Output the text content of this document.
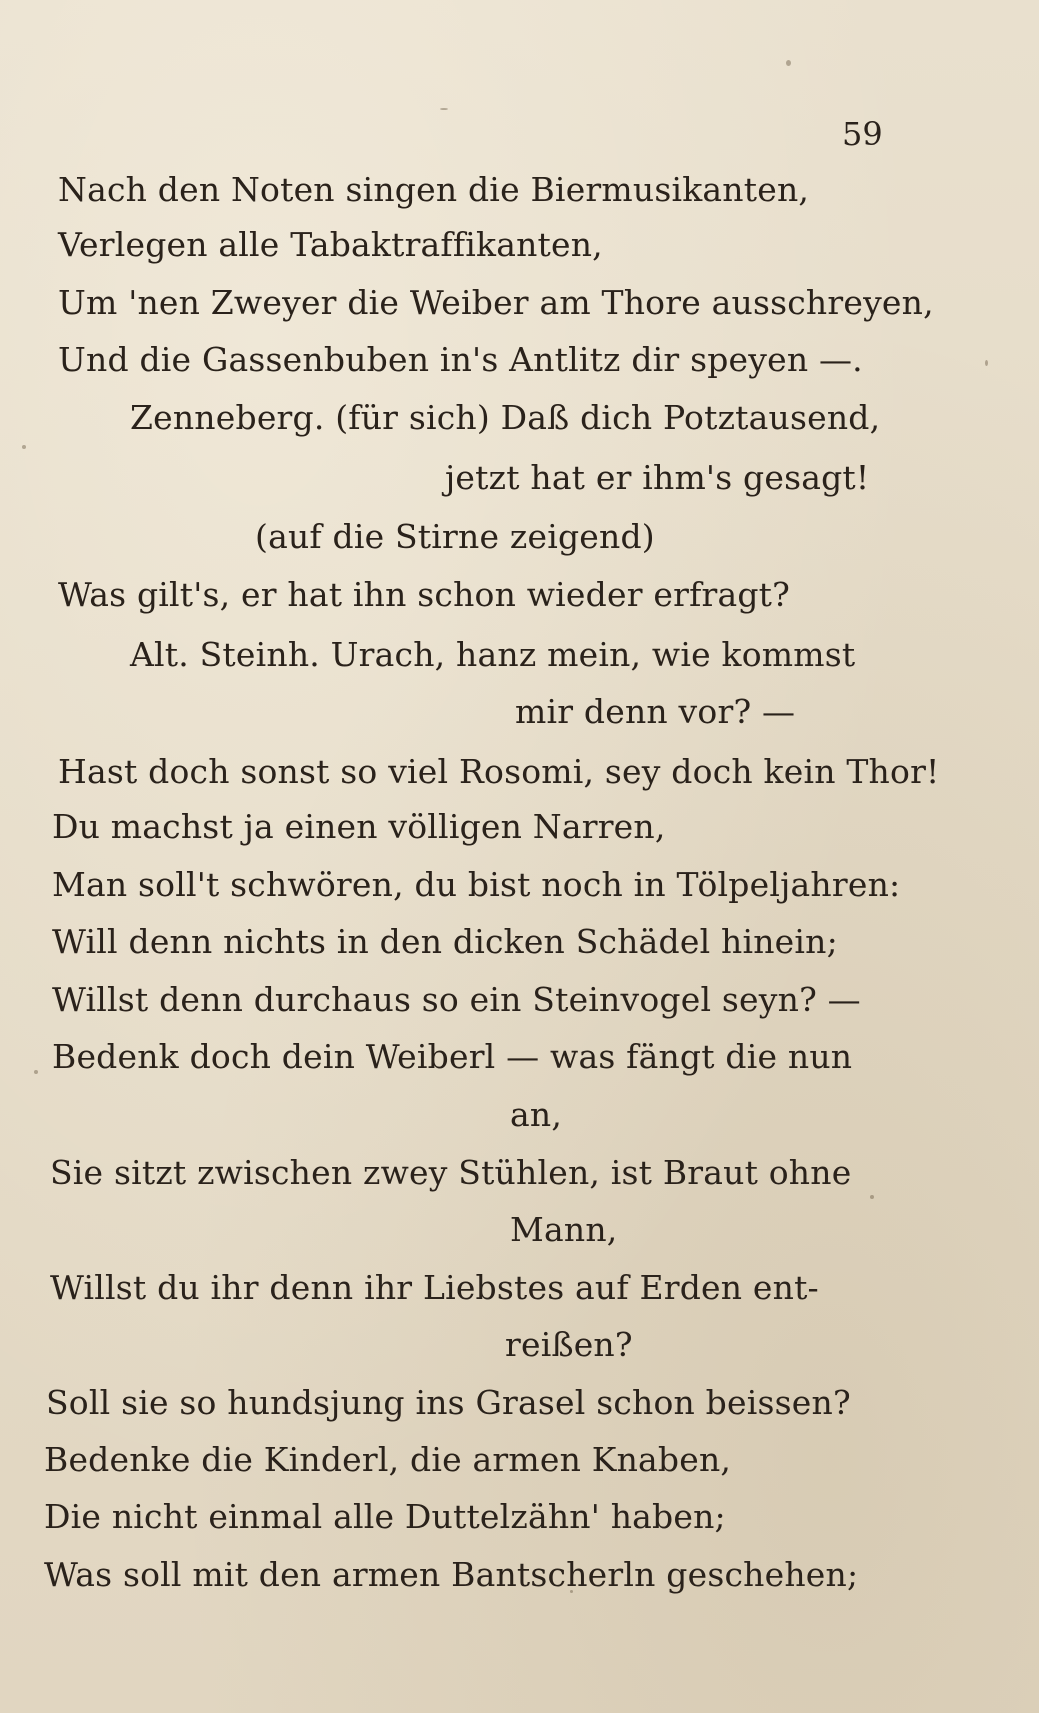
59
Nach den Noten singen die Biermusikanten,
Verlegen alle Tabaktraffikanten,
Um 'nen Zweyer die Weiber am Thore ausschreyen,
Und die Gassenbuben in's Antlitz dir speyen —.
Zenneberg. (für sich) Daß dich Potztausend,
jetzt hat er ihm's gesagt!
(auf die Stirne zeigend)
Was gilt's, er hat ihn schon wieder erfragt?
Alt. Steinh. Urach, hanz mein, wie kommst
mir denn vor? —
Hast doch sonst so viel Rosomi, sey doch kein Thor!
Du machst ja einen völligen Narren,
Man soll't schwören, du bist noch in Tölpeljahren:
Will denn nichts in den dicken Schädel hinein;
Willst denn durchaus so ein Steinvogel seyn? —
Bedenk doch dein Weiberl — was fängt die nun
an,
Sie sitzt zwischen zwey Stühlen, ist Braut ohne
Mann,
Willst du ihr denn ihr Liebstes auf Erden ent-
reißen?
Soll sie so hundsjung ins Grasel schon beissen?
Bedenke die Kinderl, die armen Knaben,
Die nicht einmal alle Duttelzähn' haben;
Was soll mit den armen Bantscherln geschehen;
